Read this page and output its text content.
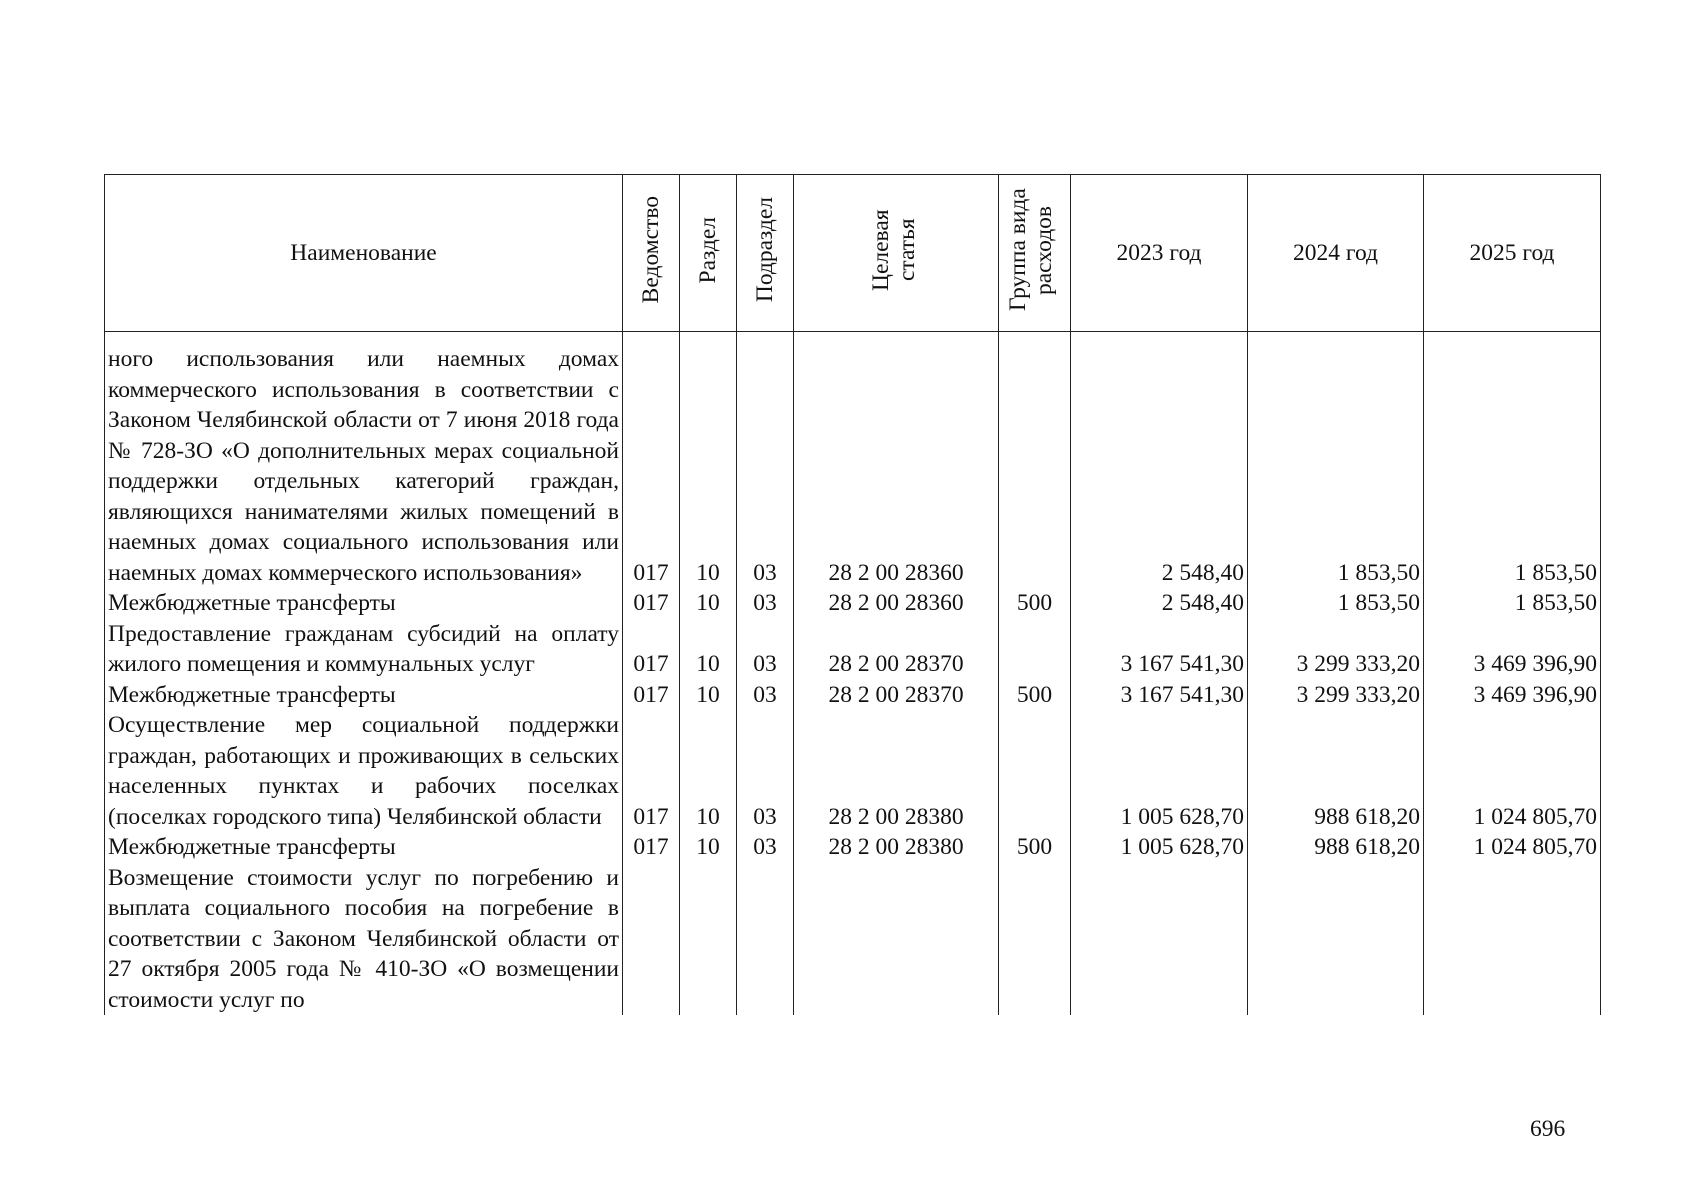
Наименование	Ведомство	Раздел	Подраздел	Целевая статья	Группа вида расходов	2023 год	2024 год	2025 год

ного использования или наемных домах коммерческого использования в соответствии с Законом Челябинской области от 7 июня 2018 года № 728-ЗО «О дополнительных мерах социальной поддержки отдельных категорий граждан, являющихся нанимателями жилых помещений в наемных домах социального использования или наемных домах коммерческого использования»	017	10	03	28 2 00 28360		2 548,40	1 853,50	1 853,50
Межбюджетные трансферты	017	10	03	28 2 00 28360	500	2 548,40	1 853,50	1 853,50
Предоставление гражданам субсидий на оплату жилого помещения и коммунальных услуг	017	10	03	28 2 00 28370		3 167 541,30	3 299 333,20	3 469 396,90
Межбюджетные трансферты	017	10	03	28 2 00 28370	500	3 167 541,30	3 299 333,20	3 469 396,90
Осуществление мер социальной поддержки граждан, работающих и проживающих в сельских населенных пунктах и рабочих поселках (поселках городского типа) Челябинской области	017	10	03	28 2 00 28380		1 005 628,70	988 618,20	1 024 805,70
Межбюджетные трансферты	017	10	03	28 2 00 28380	500	1 005 628,70	988 618,20	1 024 805,70
Возмещение стоимости услуг по погребению и выплата социального пособия на погребение в соответствии с Законом Челябинской области от 27 октября 2005 года № 410-ЗО «О возмещении стоимости услуг по								
696
